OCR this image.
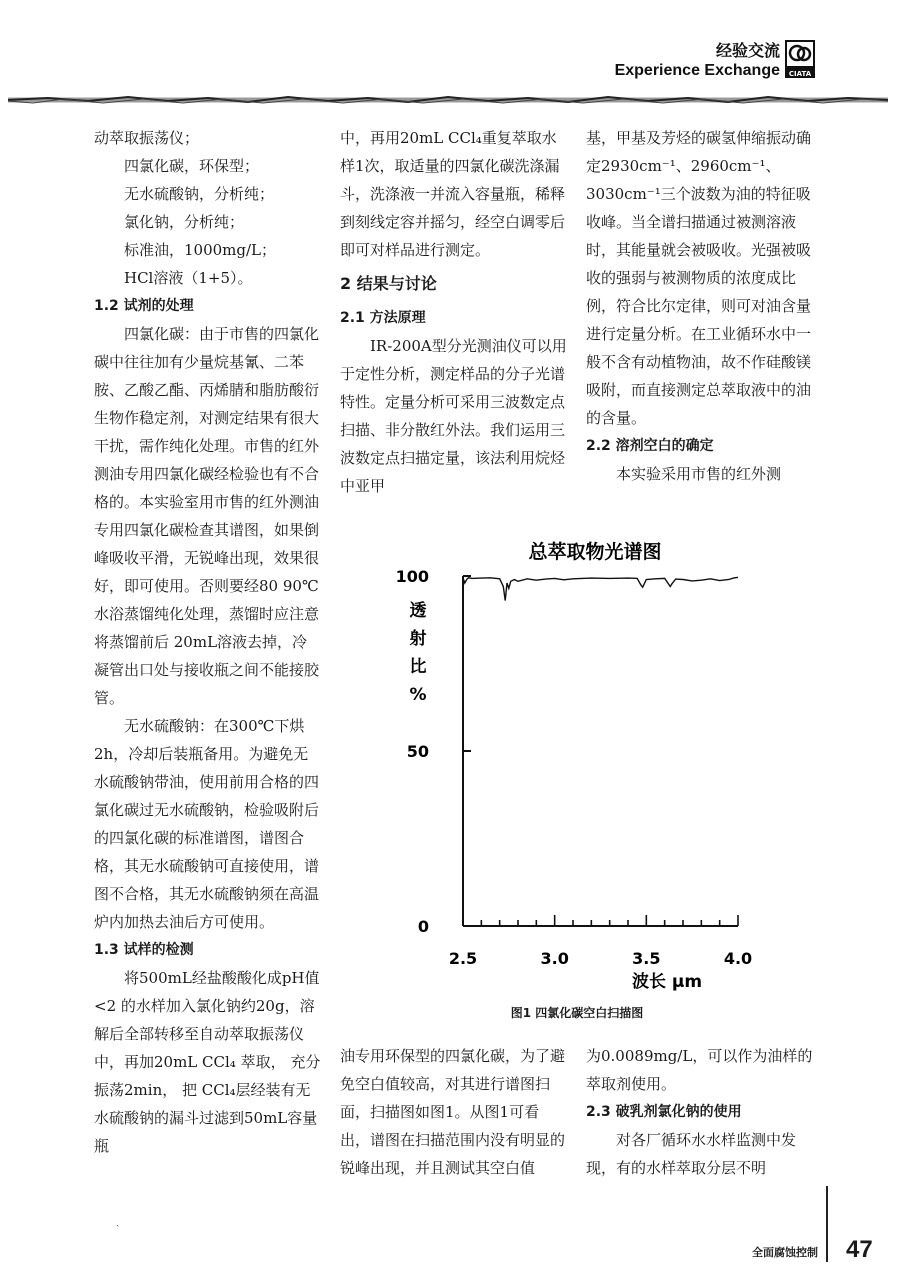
经验交流
Experience Exchange CIATA

动萃取振荡仪；

四氯化碳，环保型；

无水硫酸钠，分析纯；

氯化钠，分析纯；

标准油，1000mg/L；

HCl溶液（1+5）。

1.2 试剂的处理

四氯化碳：由于市售的四氯化碳中往往加有少量烷基氰、二苯胺、乙酸乙酯、丙烯腈和脂肪酸衍生物作稳定剂，对测定结果有很大干扰，需作纯化处理。市售的红外测油专用四氯化碳经检验也有不合格的。本实验室用市售的红外测油专用四氯化碳检查其谱图，如果倒峰吸收平滑，无锐峰出现，效果很好，即可使用。否则要经80 90℃水浴蒸馏纯化处理，蒸馏时应注意将蒸馏前后 20mL溶液去掉，冷凝管出口处与接收瓶之间不能接胶管。

无水硫酸钠：在300℃下烘2h，冷却后装瓶备用。为避免无水硫酸钠带油，使用前用合格的四氯化碳过无水硫酸钠，检验吸附后的四氯化碳的标准谱图，谱图合格，其无水硫酸钠可直接使用，谱图不合格，其无水硫酸钠须在高温炉内加热去油后方可使用。

1.3 试样的检测

将500mL经盐酸酸化成pH值<2 的水样加入氯化钠约20g，溶解后全部转移至自动萃取振荡仪中，再加20mL CCl₄ 萃取， 充分振荡2min， 把 CCl₄层经装有无水硫酸钠的漏斗过滤到50mL容量瓶

中，再用20mL CCl₄重复萃取水样1次，取适量的四氯化碳洗涤漏斗，洗涤液一并流入容量瓶，稀释到刻线定容并摇匀，经空白调零后即可对样品进行测定。

2 结果与讨论

2.1 方法原理

IR-200A型分光测油仪可以用于定性分析，测定样品的分子光谱特性。定量分析可采用三波数定点扫描、非分散红外法。我们运用三波数定点扫描定量，该法利用烷烃中亚甲

基，甲基及芳烃的碳氢伸缩振动确定2930cm⁻¹、2960cm⁻¹、3030cm⁻¹三个波数为油的特征吸收峰。当全谱扫描通过被测溶液时，其能量就会被吸收。光强被吸收的强弱与被测物质的浓度成比例，符合比尔定律，则可对油含量进行定量分析。在工业循环水中一般不含有动植物油，故不作硅酸镁吸附，而直接测定总萃取液中的油的含量。

2.2 溶剂空白的确定

本实验采用市售的红外测

总萃取物光谱图
透
射
比
%
0
50
100
2.5	3.0	3.5	4.0
波长 μm
图1 四氯化碳空白扫描图

油专用环保型的四氯化碳，为了避免空白值较高，对其进行谱图扫面，扫描图如图1。从图1可看出，谱图在扫描范围内没有明显的锐峰出现，并且测试其空白值

为0.0089mg/L，可以作为油样的萃取剂使用。

2.3 破乳剂氯化钠的使用

对各厂循环水水样监测中发现，有的水样萃取分层不明

ˏ
全面腐蚀控制 47
